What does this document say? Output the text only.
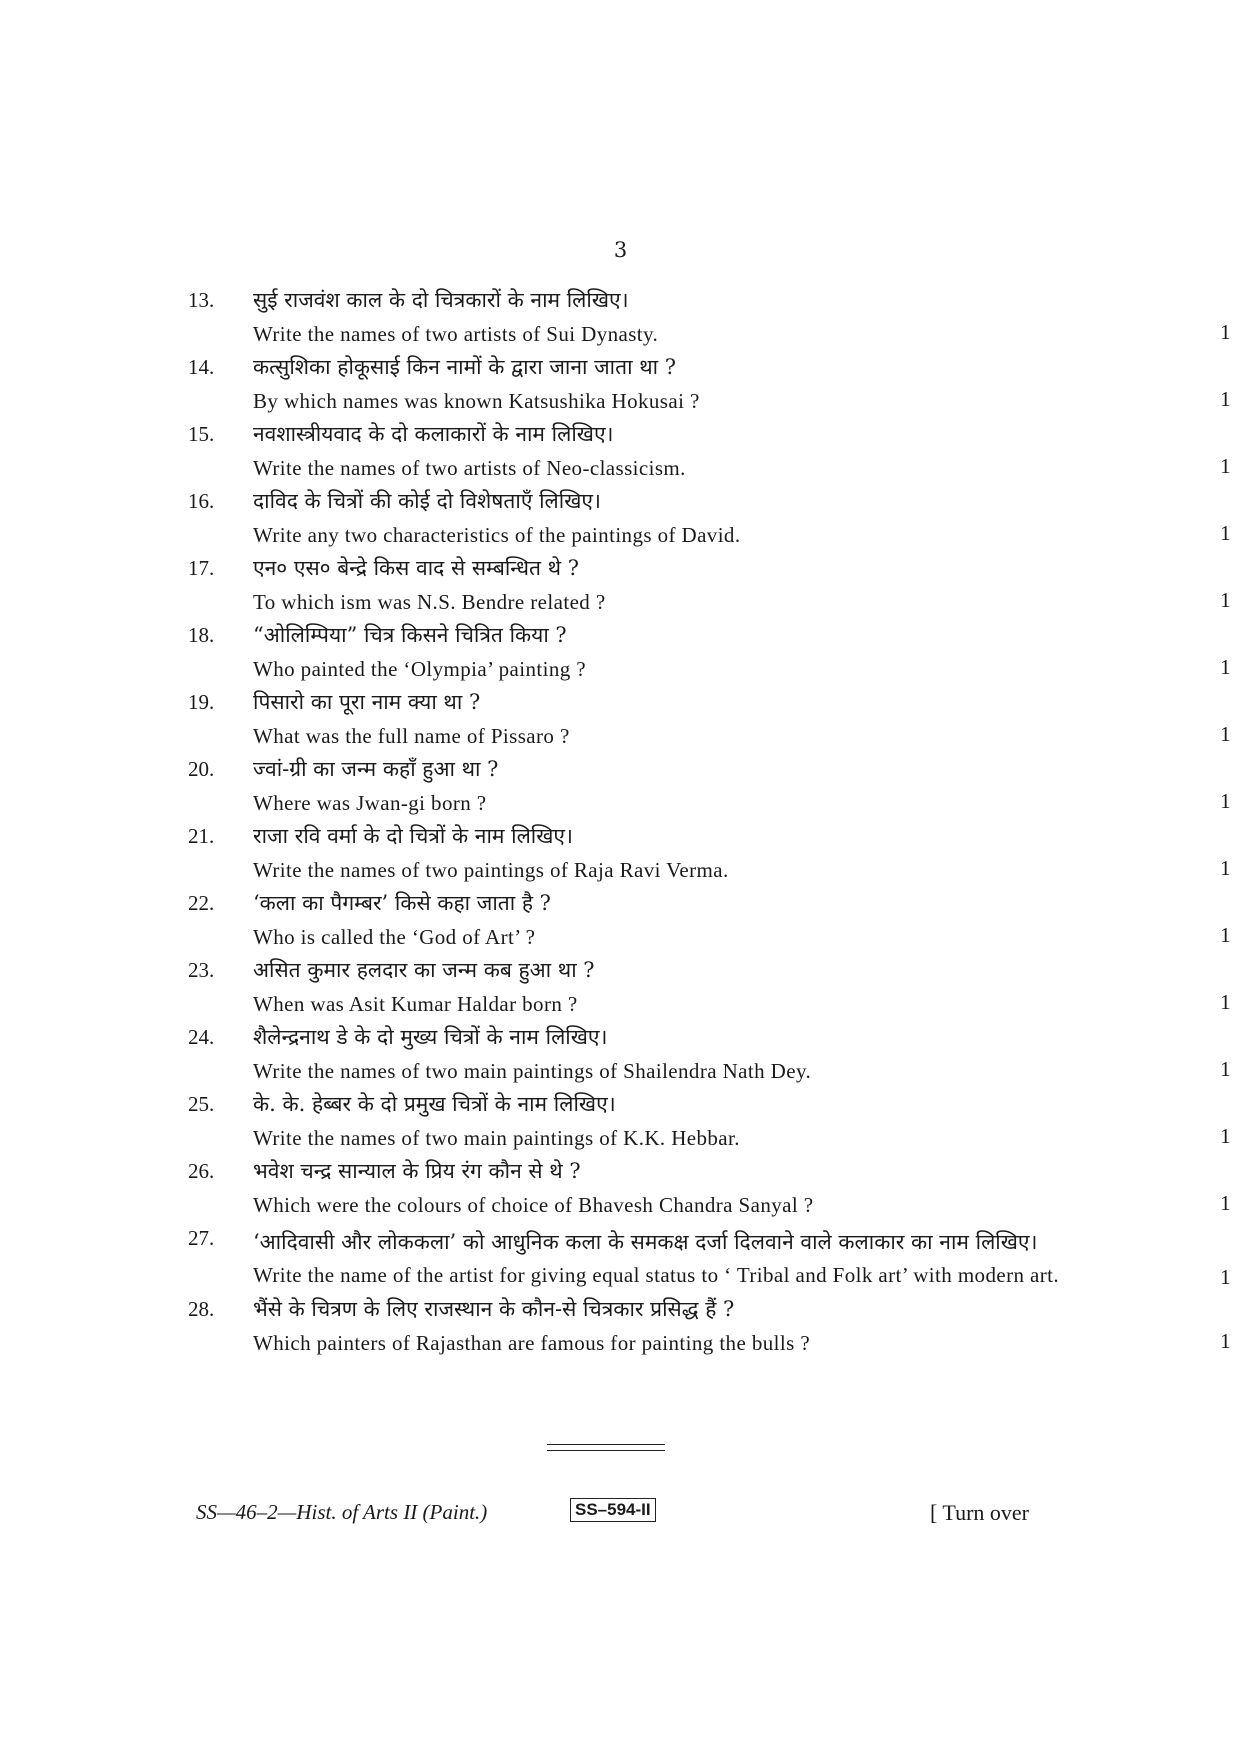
3
13. सुई राजवंश काल के दो चित्रकारों के नाम लिखिए।
Write the names of two artists of Sui Dynasty.	1
14. कत्सुशिका होकूसाई किन नामों के द्वारा जाना जाता था ?
By which names was known Katsushika Hokusai ?	1
15. नवशास्त्रीयवाद के दो कलाकारों के नाम लिखिए।
Write the names of two artists of Neo-classicism.	1
16. दाविद के चित्रों की कोई दो विशेषताएँ लिखिए।
Write any two characteristics of the paintings of David.	1
17. एन० एस० बेन्द्रे किस वाद से सम्बन्धित थे ?
To which ism was N.S. Bendre related ?	1
18. “ओलिम्पिया” चित्र किसने चित्रित किया ?
Who painted the ‘Olympia’ painting ?	1
19. पिसारो का पूरा नाम क्या था ?
What was the full name of Pissaro ?	1
20. ज्वां-ग्री का जन्म कहाँ हुआ था ?
Where was Jwan-gi born ?	1
21. राजा रवि वर्मा के दो चित्रों के नाम लिखिए।
Write the names of two paintings of Raja Ravi Verma.	1
22. ‘कला का पैगम्बर’ किसे कहा जाता है ?
Who is called the ‘God of Art’ ?	1
23. असित कुमार हलदार का जन्म कब हुआ था ?
When was Asit Kumar Haldar born ?	1
24. शैलेन्द्रनाथ डे के दो मुख्य चित्रों के नाम लिखिए।
Write the names of two main paintings of Shailendra Nath Dey.	1
25. के. के. हेब्बर के दो प्रमुख चित्रों के नाम लिखिए।
Write the names of two main paintings of K.K. Hebbar.	1
26. भवेश चन्द्र सान्याल के प्रिय रंग कौन से थे ?
Which were the colours of choice of Bhavesh Chandra Sanyal ?	1
27. ‘आदिवासी और लोककला’ को आधुनिक कला के समकक्ष दर्जा दिलवाने वाले कलाकार का नाम लिखिए।
Write the name of the artist for giving equal status to ‘ Tribal and Folk art’ with modern art.	1
28. भैंसे के चित्रण के लिए राजस्थान के कौन-से चित्रकार प्रसिद्ध हैं ?
Which painters of Rajasthan are famous for painting the bulls ?	1
SS—46–2—Hist. of Arts II (Paint.)	SS–594-II	[ Turn over
